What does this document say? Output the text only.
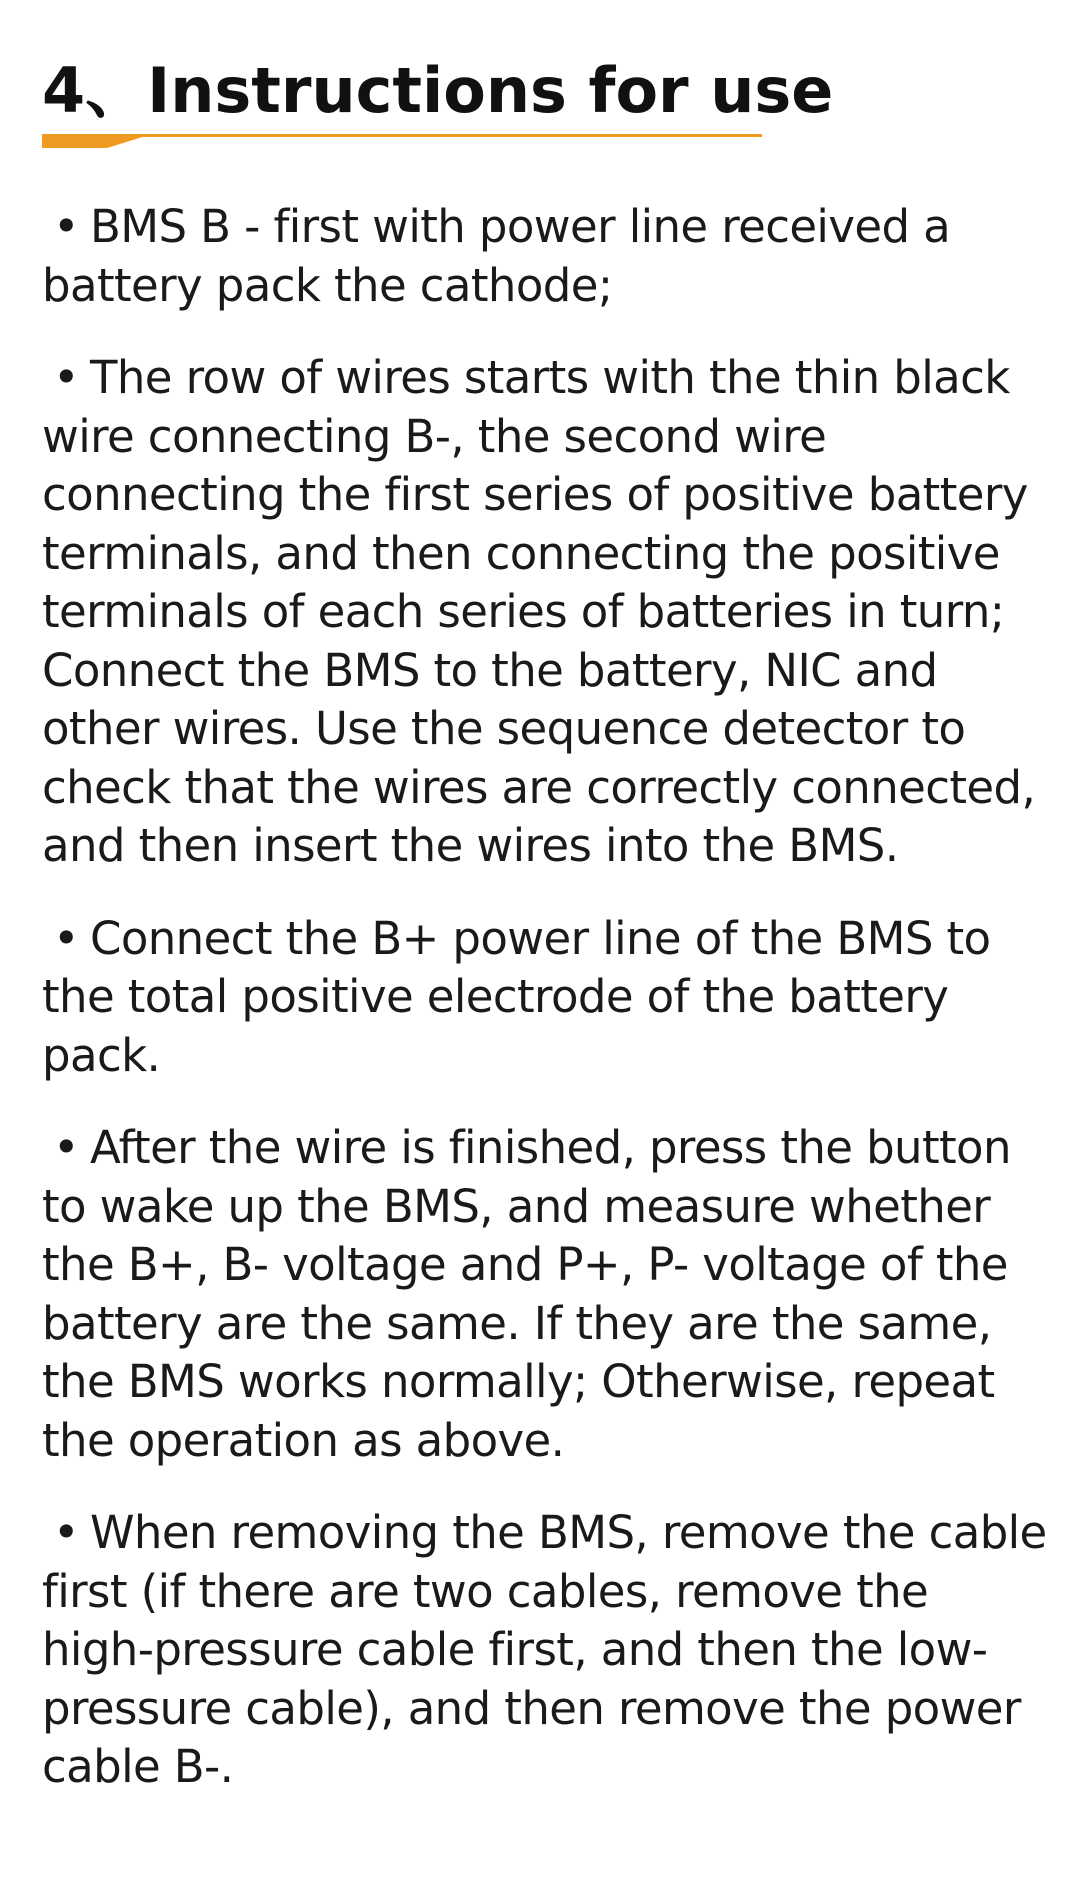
4、Instructions for use

• BMS B - first with power line received a battery pack the cathode;

• The row of wires starts with the thin black wire connecting B-, the second wire connecting the first series of positive battery terminals, and then connecting the positive terminals of each series of batteries in turn; Connect the BMS to the battery, NIC and other wires. Use the sequence detector to check that the wires are correctly connected, and then insert the wires into the BMS.

• Connect the B+ power line of the BMS to the total positive electrode of the battery pack.

• After the wire is finished, press the button to wake up the BMS, and measure whether the B+, B- voltage and P+, P- voltage of the battery are the same. If they are the same, the BMS works normally; Otherwise, repeat the operation as above.

• When removing the BMS, remove the cable first (if there are two cables, remove the high-pressure cable first, and then the low-pressure cable), and then remove the power cable B-.
